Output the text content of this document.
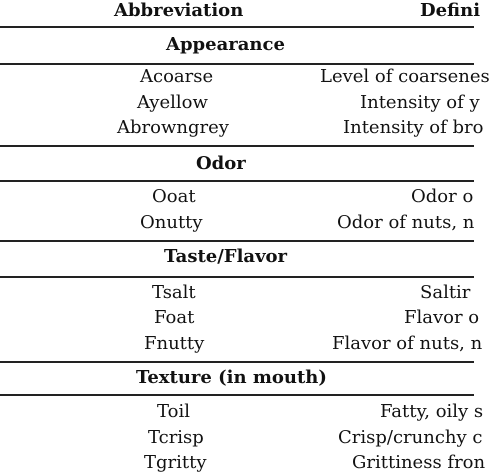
Abbreviation	Defini
Appearance
Acoarse	Level of coarsenes
Ayellow	Intensity of y
Abrowngrey	Intensity of bro
Odor
Ooat	Odor o
Onutty	Odor of nuts, n
Taste/Flavor
Tsalt	Saltir
Foat	Flavor o
Fnutty	Flavor of nuts, n
Texture (in mouth)
Toil	Fatty, oily s
Tcrisp	Crisp/crunchy c
Tgritty	Grittiness fron
